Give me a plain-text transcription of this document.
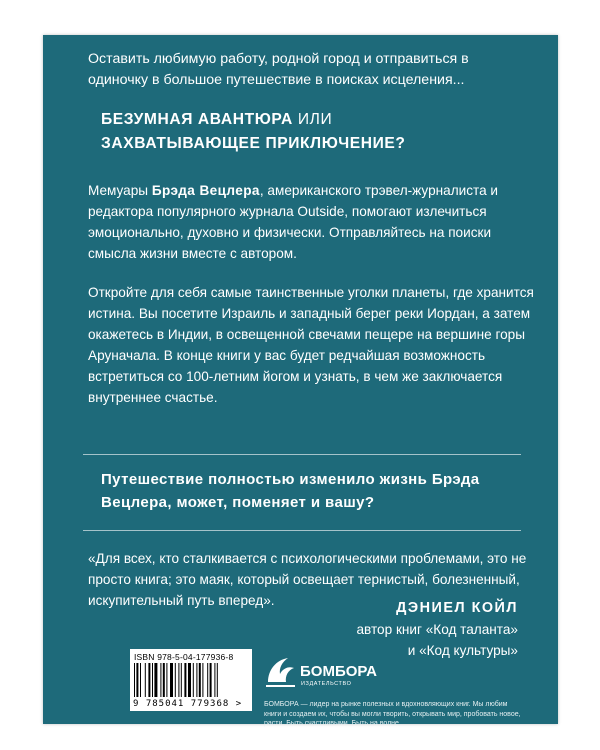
Оставить любимую работу, родной город и отправиться в одиночку в большое путешествие в поисках исцеления...

БЕЗУМНАЯ АВАНТЮРА ИЛИ
ЗАХВАТЫВАЮЩЕЕ ПРИКЛЮЧЕНИЕ?

Мемуары Брэда Вецлера, американского трэвел-журналиста и редактора популярного журнала Outside, помогают излечиться эмоционально, духовно и физически. Отправляйтесь на поиски смысла жизни вместе с автором.

Откройте для себя самые таинственные уголки планеты, где хранится истина. Вы посетите Израиль и западный берег реки Иордан, а затем окажетесь в Индии, в освещенной свечами пещере на вершине горы Аруначала. В конце книги у вас будет редчайшая возможность встретиться со 100-летним йогом и узнать, в чем же заключается внутреннее счастье.

Путешествие полностью изменило жизнь Брэда Вецлера, может, поменяет и вашу?

«Для всех, кто сталкивается с психологическими проблемами, это не просто книга; это маяк, который освещает тернистый, болезненный, искупительный путь вперед».	ДЭНИЕЛ КОЙЛ
автор книг «Код таланта»
и «Код культуры»
ISBN 978-5-04-177936-8
9 785041 779368 >
БОМБОРА
ИЗДАТЕЛЬСТВО

БОМБОРА — лидер на рынке полезных и вдохновляющих книг. Мы любим книги и создаем их, чтобы вы могли творить, открывать мир, пробовать новое, расти. Быть счастливыми. Быть на волне.
